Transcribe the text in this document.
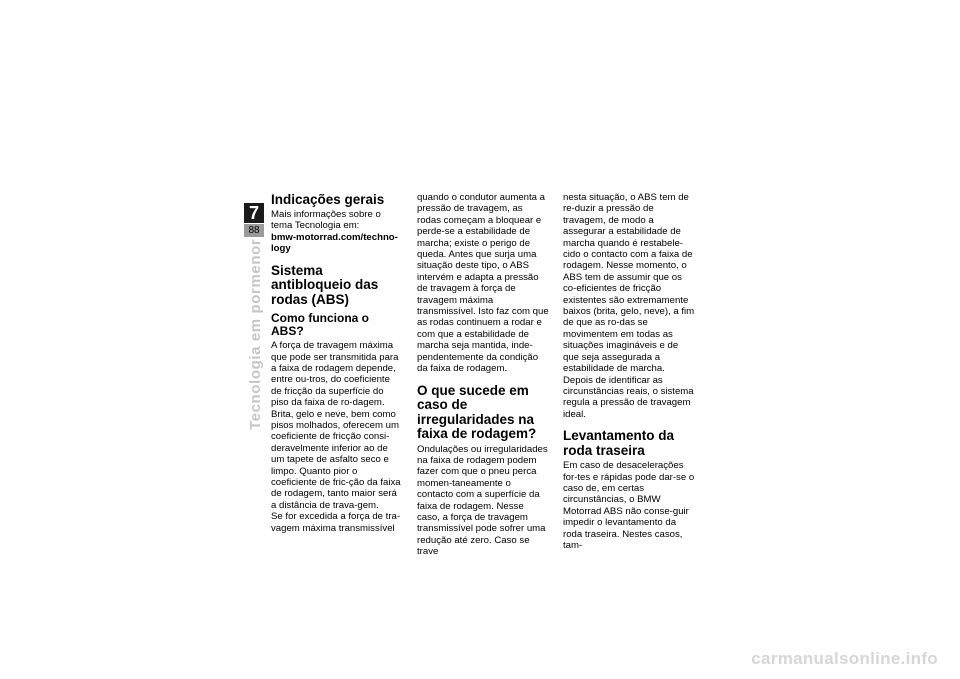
7
88
Tecnologia em pormenor
Indicações gerais

Mais informações sobre o tema Tecnologia em:

bmw-motorrad.com/techno-logy

Sistema antibloqueio das rodas (ABS)
Como funciona o ABS?

A força de travagem máxima que pode ser transmitida para a faixa de rodagem depende, entre ou-tros, do coeficiente de fricção da superfície do piso da faixa de ro-dagem. Brita, gelo e neve, bem como pisos molhados, oferecem um coeficiente de fricção consi-deravelmente inferior ao de um tapete de asfalto seco e limpo. Quanto pior o coeficiente de fric-ção da faixa de rodagem, tanto maior será a distância de trava-gem.

Se for excedida a força de tra-vagem máxima transmissível

quando o condutor aumenta a pressão de travagem, as rodas começam a bloquear e perde-se a estabilidade de marcha; existe o perigo de queda. Antes que surja uma situação deste tipo, o ABS intervém e adapta a pressão de travagem à força de travagem máxima transmissível. Isto faz com que as rodas continuem a rodar e com que a estabilidade de marcha seja mantida, inde-pendentemente da condição da faixa de rodagem.

O que sucede em caso de irregularidades na faixa de rodagem?

Ondulações ou irregularidades na faixa de rodagem podem fazer com que o pneu perca momen-taneamente o contacto com a superfície da faixa de rodagem. Nesse caso, a força de travagem transmissível pode sofrer uma redução até zero. Caso se trave

nesta situação, o ABS tem de re-duzir a pressão de travagem, de modo a assegurar a estabilidade de marcha quando é restabele-cido o contacto com a faixa de rodagem. Nesse momento, o ABS tem de assumir que os co-eficientes de fricção existentes são extremamente baixos (brita, gelo, neve), a fim de que as ro-das se movimentem em todas as situações imagináveis e de que seja assegurada a estabilidade de marcha. Depois de identificar as circunstâncias reais, o sistema regula a pressão de travagem ideal.

Levantamento da roda traseira

Em caso de desacelerações for-tes e rápidas pode dar-se o caso de, em certas circunstâncias, o BMW Motorrad ABS não conse-guir impedir o levantamento da roda traseira. Nestes casos, tam-

carmanualsonline.info
